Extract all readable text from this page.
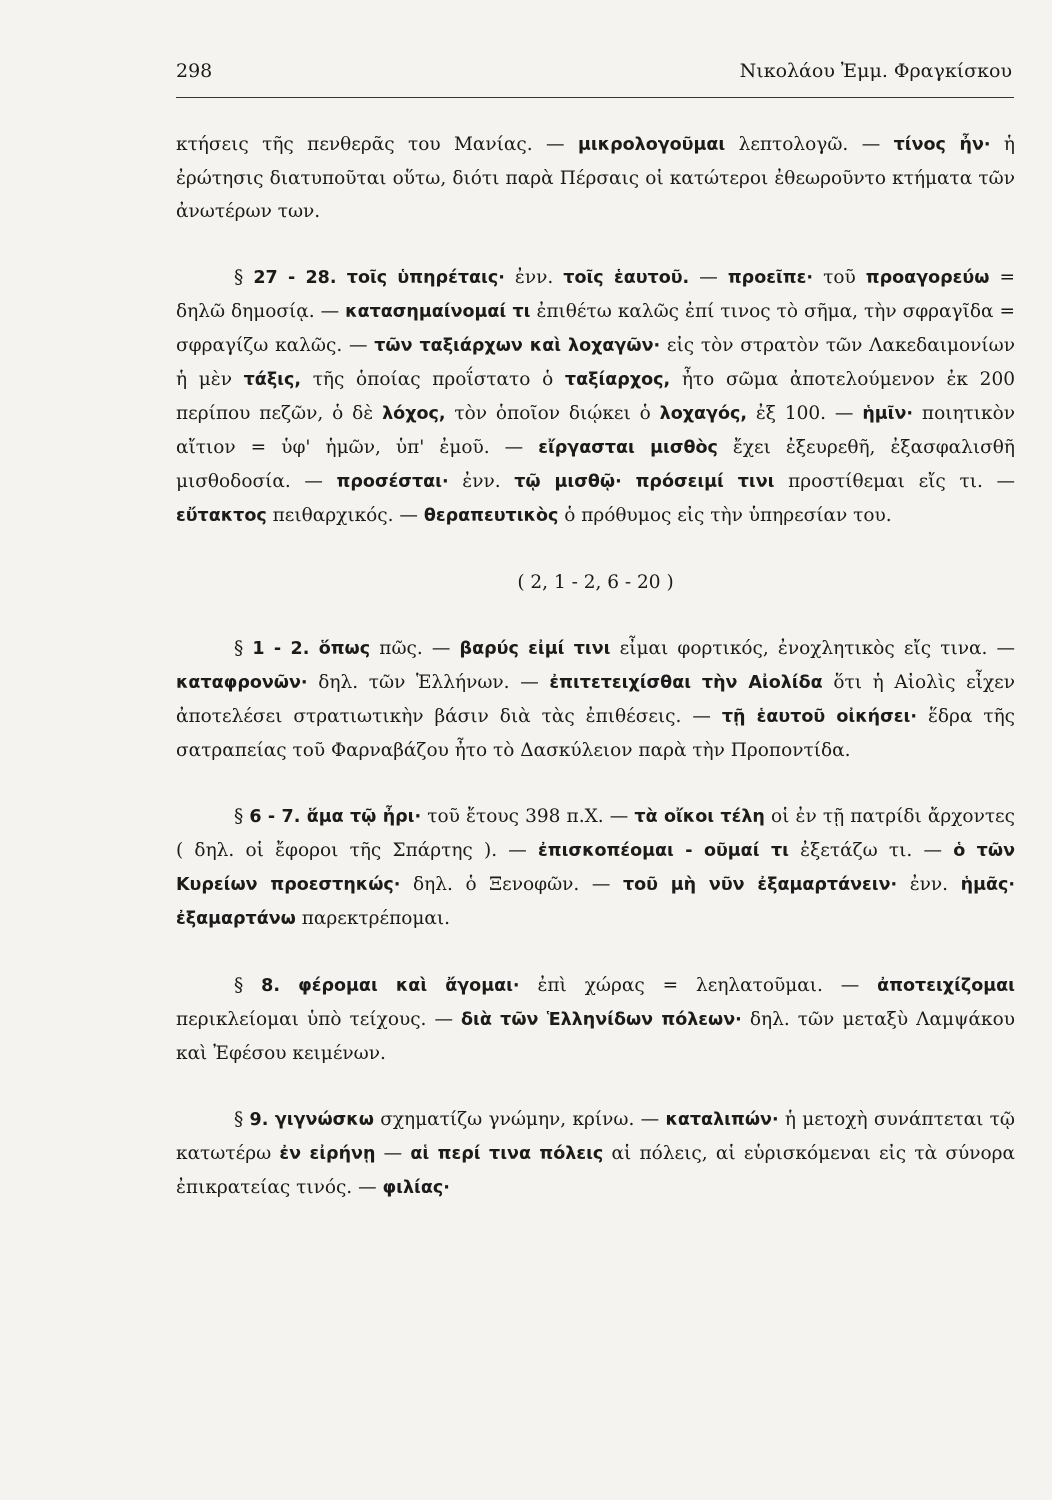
298	Νικολάου Ἐμμ. Φραγκίσκου

κτήσεις τῆς πενθερᾶς του Μανίας. — μικρολογοῦμαι λεπτολογῶ. — τίνος ἦν· ἡ ἐρώτησις διατυποῦται οὕτω, διότι παρὰ Πέρσαις οἱ κατώτεροι ἐθεωροῦντο κτήματα τῶν ἀνωτέρων των.

§ 27 - 28. τοῖς ὑπηρέταις· ἐνν. τοῖς ἑαυτοῦ. — προεῖπε· τοῦ προαγορεύω = δηλῶ δημοσίᾳ. — κατασημαίνομαί τι ἐπιθέτω καλῶς ἐπί τινος τὸ σῆμα, τὴν σφραγῖδα = σφραγίζω καλῶς. — τῶν ταξιάρχων καὶ λοχαγῶν· εἰς τὸν στρατὸν τῶν Λακεδαιμονίων ἡ μὲν τάξις, τῆς ὁποίας προΐστατο ὁ ταξίαρχος, ἦτο σῶμα ἀποτελούμενον ἐκ 200 περίπου πεζῶν, ὁ δὲ λόχος, τὸν ὁποῖον διῴκει ὁ λοχαγός, ἐξ 100. — ἡμῖν· ποιητικὸν αἴτιον = ὑφ' ἡμῶν, ὑπ' ἐμοῦ. — εἴργασται μισθὸς ἔχει ἐξευρεθῆ, ἐξασφαλισθῆ μισθοδοσία. — προσέσται· ἐνν. τῷ μισθῷ· πρόσειμί τινι προστίθεμαι εἴς τι. — εὔτακτος πειθαρχικός. — θεραπευτικὸς ὁ πρόθυμος εἰς τὴν ὑπηρεσίαν του.

( 2, 1 - 2, 6 - 20 )

§ 1 - 2. ὅπως πῶς. — βαρύς εἰμί τινι εἶμαι φορτικός, ἐνοχλητικὸς εἴς τινα. — καταφρονῶν· δηλ. τῶν Ἑλλήνων. — ἐπιτετειχίσθαι τὴν Αἰολίδα ὅτι ἡ Αἰολὶς εἶχεν ἀποτελέσει στρατιωτικὴν βάσιν διὰ τὰς ἐπιθέσεις. — τῇ ἑαυτοῦ οἰκήσει· ἕδρα τῆς σατραπείας τοῦ Φαρναβάζου ἦτο τὸ Δασκύλειον παρὰ τὴν Προποντίδα.

§ 6 - 7. ἅμα τῷ ἦρι· τοῦ ἔτους 398 π.Χ. — τὰ οἴκοι τέλη οἱ ἐν τῇ πατρίδι ἄρχοντες ( δηλ. οἱ ἔφοροι τῆς Σπάρτης ). — ἐπισκοπέομαι - οῦμαί τι ἐξετάζω τι. — ὁ τῶν Κυρείων προεστηκώς· δηλ. ὁ Ξενοφῶν. — τοῦ μὴ νῦν ἐξαμαρτάνειν· ἐνν. ἡμᾶς· ἐξαμαρτάνω παρεκτρέπομαι.

§ 8. φέρομαι καὶ ἄγομαι· ἐπὶ χώρας = λεηλατοῦμαι. — ἀποτειχίζομαι περικλείομαι ὑπὸ τείχους. — διὰ τῶν Ἑλληνίδων πόλεων· δηλ. τῶν μεταξὺ Λαμψάκου καὶ Ἐφέσου κειμένων.

§ 9. γιγνώσκω σχηματίζω γνώμην, κρίνω. — καταλιπών· ἡ μετοχὴ συνάπτεται τῷ κατωτέρω ἐν εἰρήνῃ — αἱ περί τινα πόλεις αἱ πόλεις, αἱ εὑρισκόμεναι εἰς τὰ σύνορα ἐπικρατείας τινός. — φιλίας·
